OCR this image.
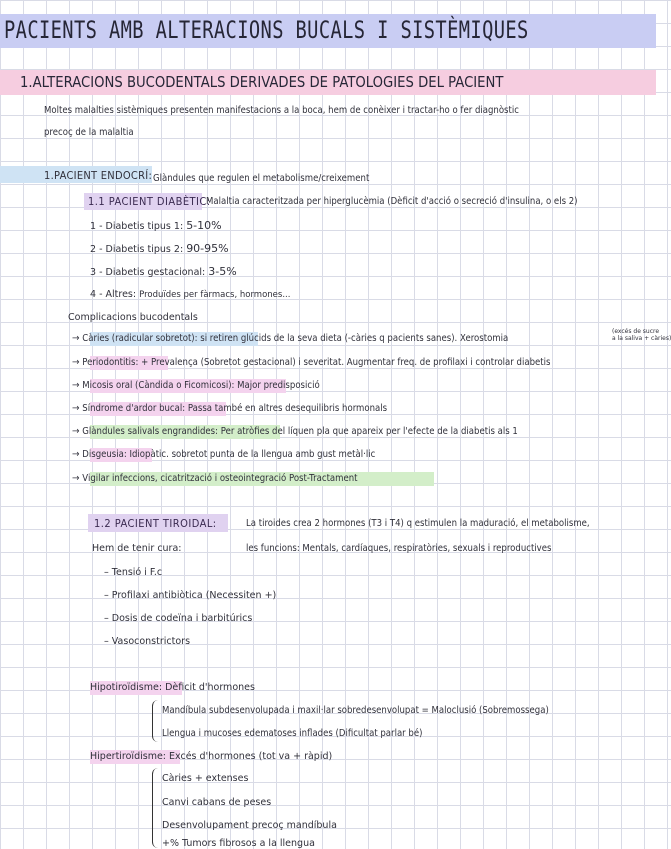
PACIENTS AMB ALTERACIONS BUCALS I SISTÈMIQUES
1.ALTERACIONS BUCODENTALS DERIVADES DE PATOLOGIES DEL PACIENT
Moltes malalties sistèmiques presenten manifestacions a la boca, hem de conèixer i tractar-ho o fer diagnòstic
precoç de la malaltia
1.PACIENT ENDOCRÍ: Glàndules que regulen el metabolisme/creixement
1.1 PACIENT DIABÈTIC:
Malaltia caracteritzada per hiperglucèmia (Dèficit d'acció o secreció d'insulina, o els 2)
1 - Diabetis tipus 1: 5-10%
2 - Diabetis tipus 2: 90-95%
3 - Diabetis gestacional: 3-5%
4 - Altres: Produïdes per fàrmacs, hormones...
Complicacions bucodentals
→ Càries (radicular sobretot): si retiren glúcids de la seva dieta (-càries q pacients sanes). Xerostomia
(excés de sucre
a la saliva + càries)
→ Periodontitis: + Prevalença (Sobretot gestacional) i severitat. Augmentar freq. de profilaxi i controlar diabetis
→ Micosis oral (Càndida o Ficomicosi): Major predisposició
→ Síndrome d'ardor bucal: Passa també en altres desequilibris hormonals
→ Glàndules salivals engrandides: Per atròfies del líquen pla que apareix per l'efecte de la diabetis als 1
→ Disgeusia: Idiopàtic. sobretot punta de la llengua amb gust metàl·lic
→ Vigilar infeccions, cicatrització i osteointegració Post-Tractament
1.2 PACIENT TIROIDAL:	La tiroides crea 2 hormones (T3 i T4) q estimulen la maduració, el metabolisme,
les funcions: Mentals, cardíaques, respiratòries, sexuals i reproductives
Hem de tenir cura:
– Tensió i F.c
– Profilaxi antibiòtica (Necessiten +)
– Dosis de codeïna i barbitúrics
– Vasoconstrictors
Hipotiroïdisme: Dèficit d'hormones
Mandíbula subdesenvolupada i maxil·lar sobredesenvolupat = Maloclusió (Sobremossega)
Llengua i mucoses edematoses inflades (Dificultat parlar bé)
Hipertiroïdisme: Excés d'hormones (tot va + ràpid)
Càries + extenses
Canvi cabans de peses
Desenvolupament precoç mandíbula
+% Tumors fibrosos a la llengua
